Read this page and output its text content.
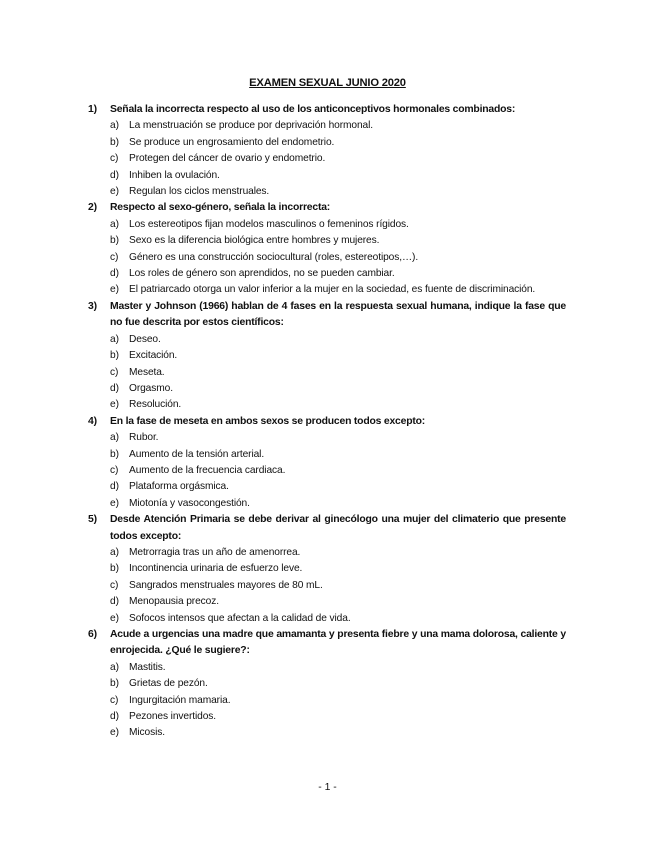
EXAMEN SEXUAL JUNIO 2020
1)	Señala la incorrecta respecto al uso de los anticonceptivos hormonales combinados:
a) La menstruación se produce por deprivación hormonal.
b) Se produce un engrosamiento del endometrio.
c)	Protegen del cáncer de ovario y endometrio.
d) Inhiben la ovulación.
e) Regulan los ciclos menstruales.
2)	Respecto al sexo-género, señala la incorrecta:
a) Los estereotipos fijan modelos masculinos o femeninos rígidos.
b) Sexo es la diferencia biológica entre hombres y mujeres.
c)	Género es una construcción sociocultural (roles, estereotipos,…).
d) Los roles de género son aprendidos, no se pueden cambiar.
e) El patriarcado otorga un valor inferior a la mujer en la sociedad, es fuente de discriminación.
3)	Master y Johnson (1966) hablan de 4 fases en la respuesta sexual humana, indique la fase que no fue descrita por estos científicos:
a) Deseo.
b) Excitación.
c)	Meseta.
d) Orgasmo.
e) Resolución.
4)	En la fase de meseta en ambos sexos se producen todos excepto:
a) Rubor.
b) Aumento de la tensión arterial.
c)	Aumento de la frecuencia cardiaca.
d) Plataforma orgásmica.
e) Miotonía y vasocongestión.
5)	Desde Atención Primaria se debe derivar al ginecólogo una mujer del climaterio que presente todos excepto:
a) Metrorragia tras un año de amenorrea.
b) Incontinencia urinaria de esfuerzo leve.
c)	Sangrados menstruales mayores de 80 mL.
d) Menopausia precoz.
e) Sofocos intensos que afectan a la calidad de vida.
6)	Acude a urgencias una madre que amamanta y presenta fiebre y una mama dolorosa, caliente y enrojecida. ¿Qué le sugiere?:
a) Mastitis.
b) Grietas de pezón.
c)	Ingurgitación mamaria.
d) Pezones invertidos.
e) Micosis.
- 1 -
